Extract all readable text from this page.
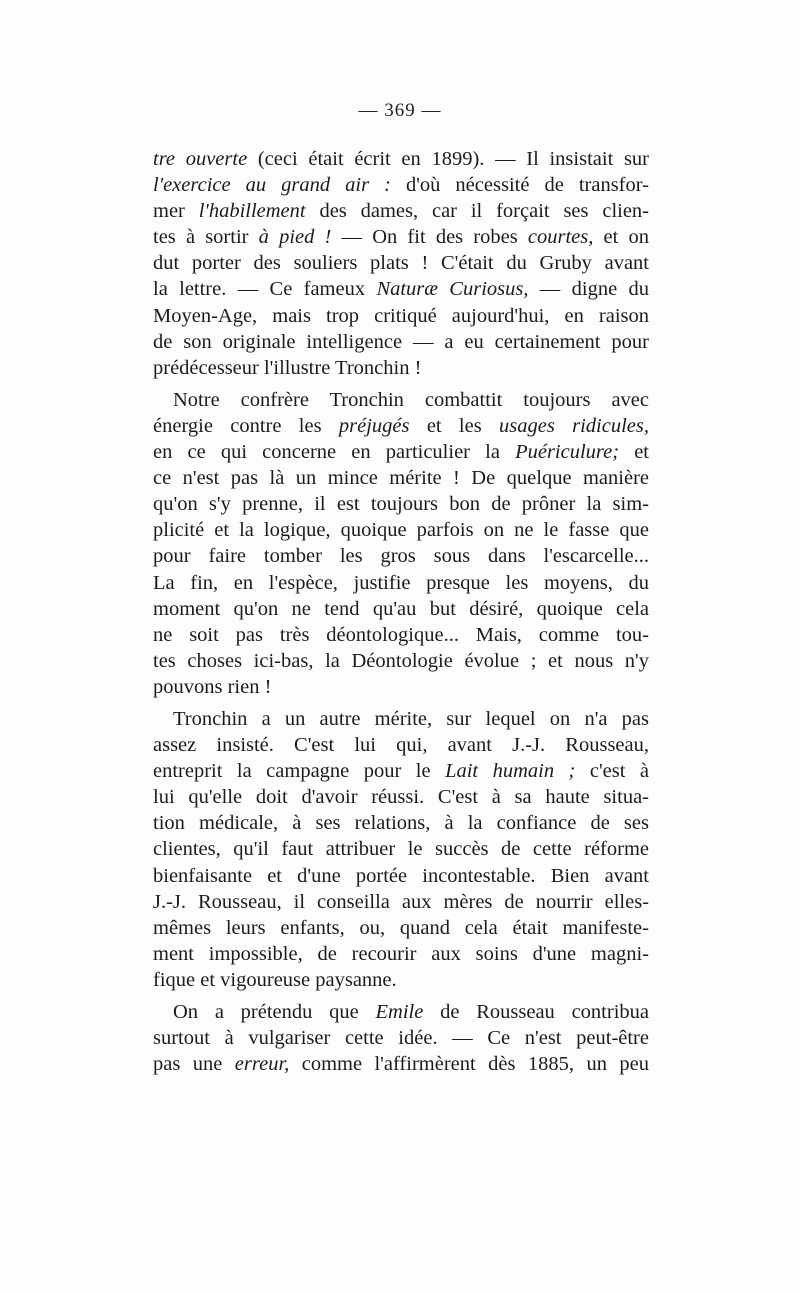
— 369 —
tre ouverte (ceci était écrit en 1899). — Il insistait sur
l'exercice au grand air : d'où nécessité de transfor-
mer l'habillement des dames, car il forçait ses clien-
tes à sortir à pied ! — On fit des robes courtes, et on
dut porter des souliers plats ! C'était du Gruby avant
la lettre. — Ce fameux Naturæ Curiosus, — digne du
Moyen-Age, mais trop critiqué aujourd'hui, en raison
de son originale intelligence — a eu certainement pour
prédécesseur l'illustre Tronchin !
Notre confrère Tronchin combattit toujours avec
énergie contre les préjugés et les usages ridicules,
en ce qui concerne en particulier la Puériculure; et
ce n'est pas là un mince mérite ! De quelque manière
qu'on s'y prenne, il est toujours bon de prôner la sim-
plicité et la logique, quoique parfois on ne le fasse que
pour faire tomber les gros sous dans l'escarcelle...
La fin, en l'espèce, justifie presque les moyens, du
moment qu'on ne tend qu'au but désiré, quoique cela
ne soit pas très déontologique... Mais, comme tou-
tes choses ici-bas, la Déontologie évolue ; et nous n'y
pouvons rien !
Tronchin a un autre mérite, sur lequel on n'a pas
assez insisté. C'est lui qui, avant J.-J. Rousseau,
entreprit la campagne pour le Lait humain ; c'est à
lui qu'elle doit d'avoir réussi. C'est à sa haute situa-
tion médicale, à ses relations, à la confiance de ses
clientes, qu'il faut attribuer le succès de cette réforme
bienfaisante et d'une portée incontestable. Bien avant
J.-J. Rousseau, il conseilla aux mères de nourrir elles-
mêmes leurs enfants, ou, quand cela était manifeste-
ment impossible, de recourir aux soins d'une magni-
fique et vigoureuse paysanne.
On a prétendu que Emile de Rousseau contribua
surtout à vulgariser cette idée. — Ce n'est peut-être
pas une erreur, comme l'affirmèrent dès 1885, un peu
